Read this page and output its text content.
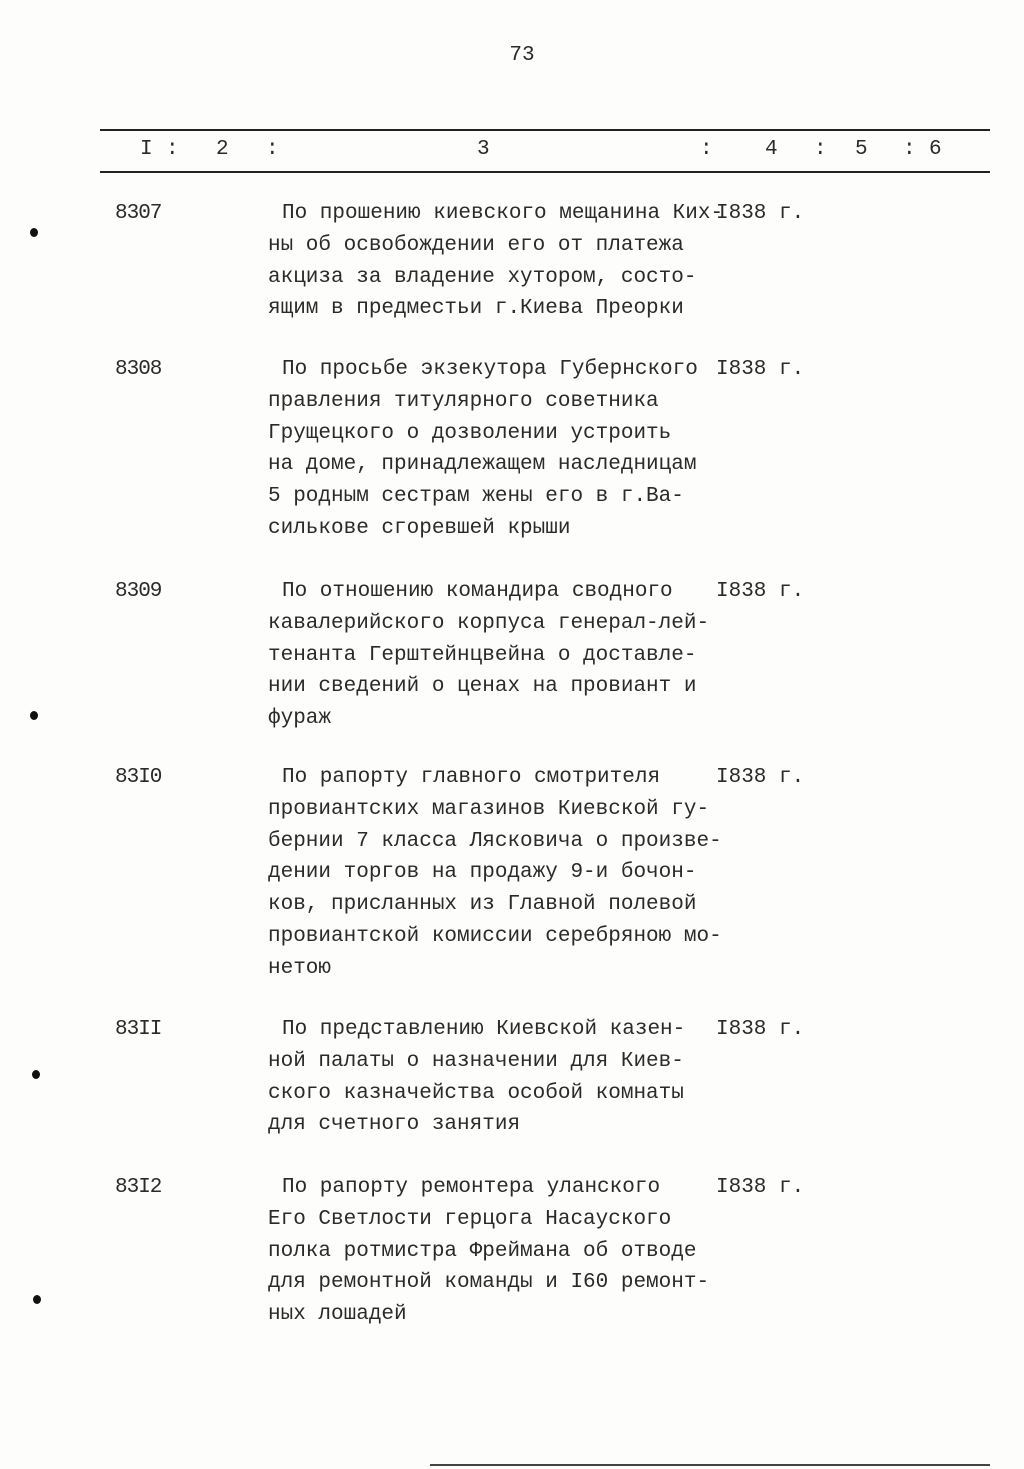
73
I : 2 :	3	: 4 : 5 : 6
8307	По прошению киевского мещанина Ких-
ны об освобождении его от платежа
акциза за владение хутором, состо-
ящим в предместьи г.Киева Преорки
I838 г.
8308	По просьбе экзекутора Губернского
правления титулярного советника
Грущецкого о дозволении устроить
на доме, принадлежащем наследницам
5 родным сестрам жены его в г.Ва-
силькове сгоревшей крыши
I838 г.
8309	По отношению командира сводного
кавалерийского корпуса генерал-лей-
тенанта Герштейнцвейна о доставле-
нии сведений о ценах на провиант и
фураж
I838 г.
83I0	По рапорту главного смотрителя
провиантских магазинов Киевской гу-
бернии 7 класса Лясковича о произве-
дении торгов на продажу 9-и бочон-
ков, присланных из Главной полевой
провиантской комиссии серебряною мо-
нетою
I838 г.
83II	По представлению Киевской казен-
ной палаты о назначении для Киев-
ского казначейства особой комнаты
для счетного занятия
I838 г.
83I2	По рапорту ремонтера уланского
Его Светлости герцога Насауского
полка ротмистра Фреймана об отводе
для ремонтной команды и I60 ремонт-
ных лошадей
I838 г.
